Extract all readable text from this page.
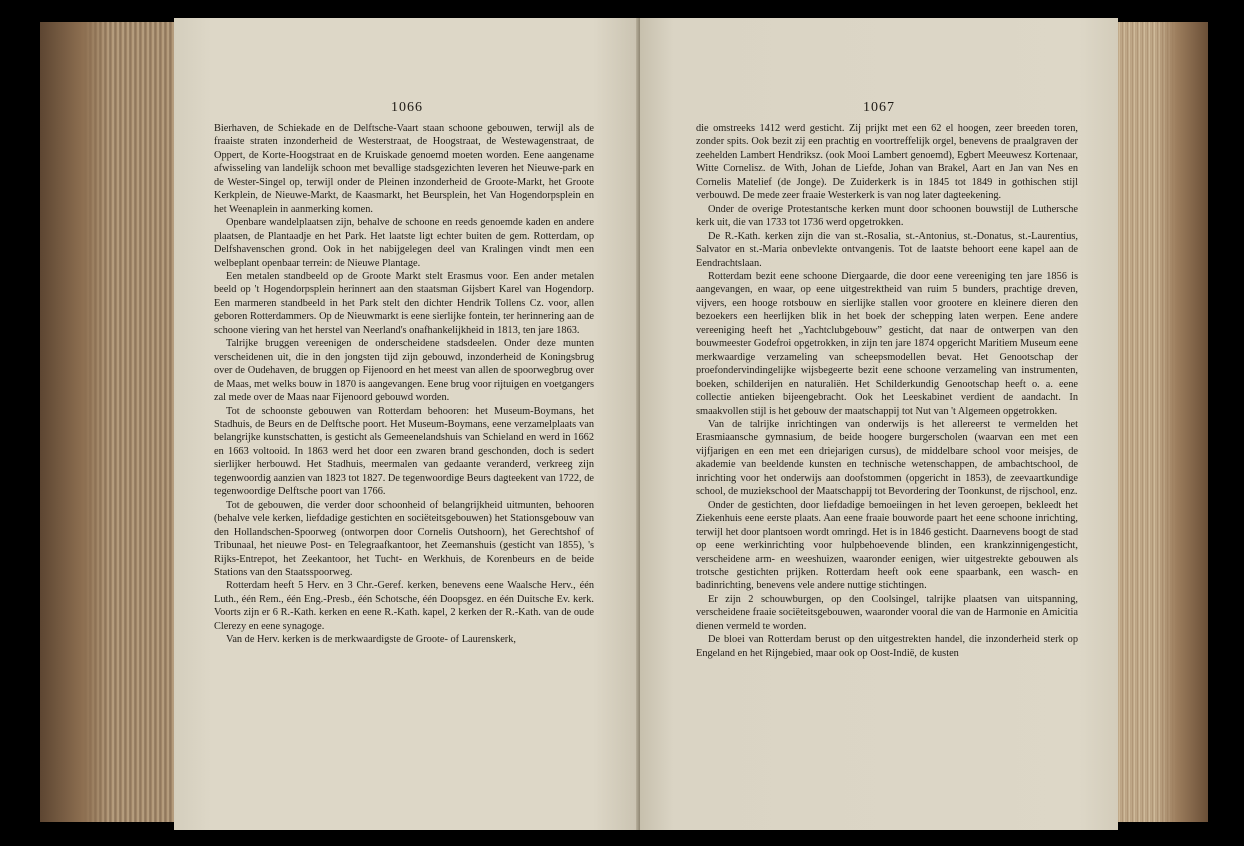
1066

Bierhaven, de Schiekade en de Delftsche-Vaart staan schoone gebouwen, terwijl als de fraaiste straten inzonderheid de Westerstraat, de Hoogstraat, de Westewagenstraat, de Oppert, de Korte-Hoogstraat en de Kruiskade genoemd moeten worden. Eene aangename afwisseling van landelijk schoon met bevallige stadsgezichten leveren het Nieuwe-park en de Wester-Singel op, terwijl onder de Pleinen inzonderheid de Groote-Markt, het Groote Kerkplein, de Nieuwe-Markt, de Kaasmarkt, het Beursplein, het Van Hogendorpsplein en het Weenaplein in aanmerking komen.

Openbare wandelplaatsen zijn, behalve de schoone en reeds genoemde kaden en andere plaatsen, de Plantaadje en het Park. Het laatste ligt echter buiten de gem. Rotterdam, op Delfshavenschen grond. Ook in het nabijgelegen deel van Kralingen vindt men een welbeplant openbaar terrein: de Nieuwe Plantage.

Een metalen standbeeld op de Groote Markt stelt Erasmus voor. Een ander metalen beeld op 't Hogendorpsplein herinnert aan den staatsman Gijsbert Karel van Hogendorp. Een marmeren standbeeld in het Park stelt den dichter Hendrik Tollens Cz. voor, allen geboren Rotterdammers. Op de Nieuwmarkt is eene sierlijke fontein, ter herinnering aan de schoone viering van het herstel van Neerland's onafhankelijkheid in 1813, ten jare 1863.

Talrijke bruggen vereenigen de onderscheidene stadsdeelen. Onder deze munten verscheidenen uit, die in den jongsten tijd zijn gebouwd, inzonderheid de Koningsbrug over de Oudehaven, de bruggen op Fijenoord en het meest van allen de spoorwegbrug over de Maas, met welks bouw in 1870 is aangevangen. Eene brug voor rijtuigen en voetgangers zal mede over de Maas naar Fijenoord gebouwd worden.

Tot de schoonste gebouwen van Rotterdam behooren: het Museum-Boymans, het Stadhuis, de Beurs en de Delftsche poort. Het Museum-Boymans, eene verzamelplaats van belangrijke kunstschatten, is gesticht als Gemeenelandshuis van Schieland en werd in 1662 en 1663 voltooid. In 1863 werd het door een zwaren brand geschonden, doch is sedert sierlijker herbouwd. Het Stadhuis, meermalen van gedaante veranderd, verkreeg zijn tegenwoordig aanzien van 1823 tot 1827. De tegenwoordige Beurs dagteekent van 1722, de tegenwoordige Delftsche poort van 1766.

Tot de gebouwen, die verder door schoonheid of belangrijkheid uitmunten, behooren (behalve vele kerken, liefdadige gestichten en sociëteitsgebouwen) het Stationsgebouw van den Hollandschen-Spoorweg (ontworpen door Cornelis Outshoorn), het Gerechtshof of Tribunaal, het nieuwe Post- en Telegraafkantoor, het Zeemanshuis (gesticht van 1855), 's Rijks-Entrepot, het Zeekantoor, het Tucht- en Werkhuis, de Korenbeurs en de beide Stations van den Staatsspoorweg.

Rotterdam heeft 5 Herv. en 3 Chr.-Geref. kerken, benevens eene Waalsche Herv., één Luth., één Rem., één Eng.-Presb., één Schotsche, één Doopsgez. en één Duitsche Ev. kerk. Voorts zijn er 6 R.-Kath. kerken en eene R.-Kath. kapel, 2 kerken der R.-Kath. van de oude Clerezy en eene synagoge.

Van de Herv. kerken is de merkwaardigste de Groote- of Laurenskerk,

1067

die omstreeks 1412 werd gesticht. Zij prijkt met een 62 el hoogen, zeer breeden toren, zonder spits. Ook bezit zij een prachtig en voortreffelijk orgel, benevens de praalgraven der zeehelden Lambert Hendriksz. (ook Mooi Lambert genoemd), Egbert Meeuwesz Kortenaar, Witte Cornelisz. de With, Johan de Liefde, Johan van Brakel, Aart en Jan van Nes en Cornelis Matelief (de Jonge). De Zuiderkerk is in 1845 tot 1849 in gothischen stijl verbouwd. De mede zeer fraaie Westerkerk is van nog later dagteekening.

Onder de overige Protestantsche kerken munt door schoonen bouwstijl de Luthersche kerk uit, die van 1733 tot 1736 werd opgetrokken.

De R.-Kath. kerken zijn die van st.-Rosalia, st.-Antonius, st.-Donatus, st.-Laurentius, Salvator en st.-Maria onbevlekte ontvangenis. Tot de laatste behoort eene kapel aan de Eendrachtslaan.

Rotterdam bezit eene schoone Diergaarde, die door eene vereeniging ten jare 1856 is aangevangen, en waar, op eene uitgestrektheid van ruim 5 bunders, prachtige dreven, vijvers, een hooge rotsbouw en sierlijke stallen voor grootere en kleinere dieren den bezoekers een heerlijken blik in het boek der schepping laten werpen. Eene andere vereeniging heeft het „Yachtclubgebouw” gesticht, dat naar de ontwerpen van den bouwmeester Godefroi opgetrokken, in zijn ten jare 1874 opgericht Maritiem Museum eene merkwaardige verzameling van scheepsmodellen bevat. Het Genootschap der proefondervindingelijke wijsbegeerte bezit eene schoone verzameling van instrumenten, boeken, schilderijen en naturaliën. Het Schilderkundig Genootschap heeft o. a. eene collectie antieken bijeengebracht. Ook het Leeskabinet verdient de aandacht. In smaakvollen stijl is het gebouw der maatschappij tot Nut van 't Algemeen opgetrokken.

Van de talrijke inrichtingen van onderwijs is het allereerst te vermelden het Erasmiaansche gymnasium, de beide hoogere burgerscholen (waarvan een met een vijfjarigen en een met een driejarigen cursus), de middelbare school voor meisjes, de akademie van beeldende kunsten en technische wetenschappen, de ambachtschool, de inrichting voor het onderwijs aan doofstommen (opgericht in 1853), de zeevaartkundige school, de muziekschool der Maatschappij tot Bevordering der Toonkunst, de rijschool, enz.

Onder de gestichten, door liefdadige bemoeiingen in het leven geroepen, bekleedt het Ziekenhuis eene eerste plaats. Aan eene fraaie bouworde paart het eene schoone inrichting, terwijl het door plantsoen wordt omringd. Het is in 1846 gesticht. Daarnevens boogt de stad op eene werkinrichting voor hulpbehoevende blinden, een krankzinnigengesticht, verscheidene arm- en weeshuizen, waaronder eenigen, wier uitgestrekte gebouwen als trotsche gestichten prijken. Rotterdam heeft ook eene spaarbank, een wasch- en badinrichting, benevens vele andere nuttige stichtingen.

Er zijn 2 schouwburgen, op den Coolsingel, talrijke plaatsen van uitspanning, verscheidene fraaie sociëteitsgebouwen, waaronder vooral die van de Harmonie en Amicitia dienen vermeld te worden.

De bloei van Rotterdam berust op den uitgestrekten handel, die inzonderheid sterk op Engeland en het Rijngebied, maar ook op Oost-Indië, de kusten
